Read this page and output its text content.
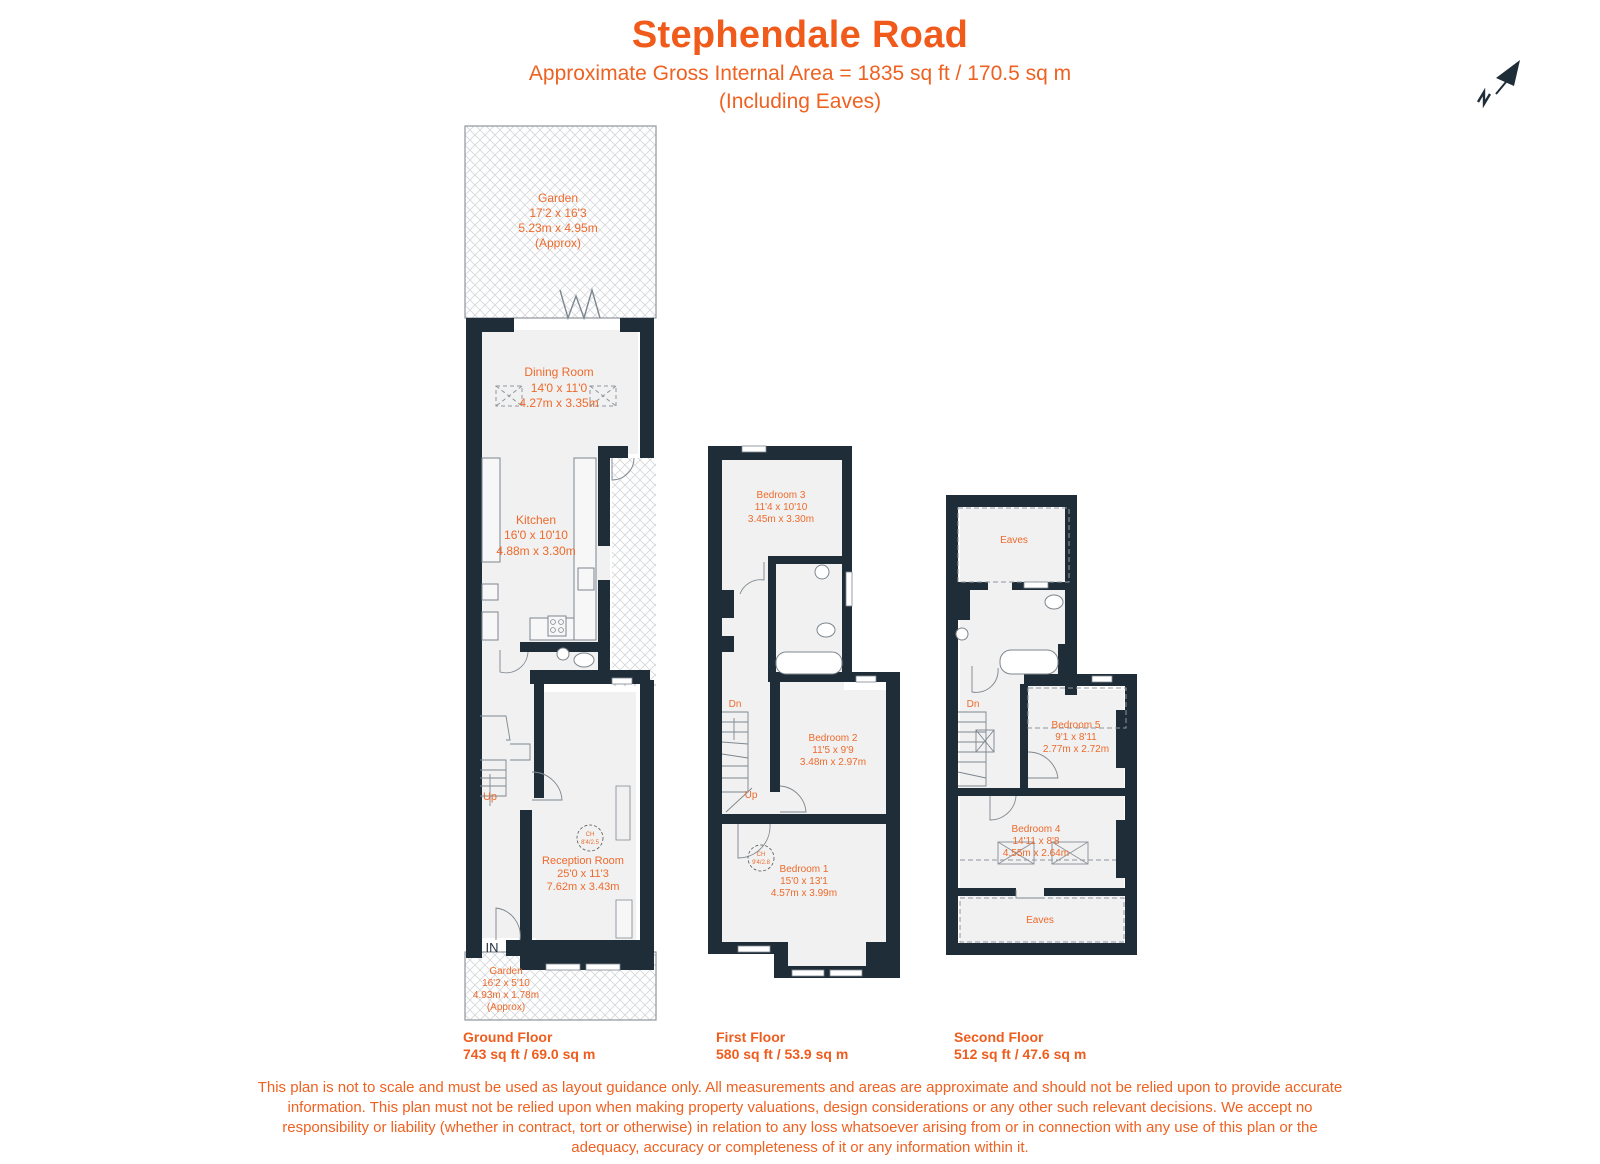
Stephendale Road
Approximate Gross Internal Area = 1835 sq ft / 170.5 sq m
(Including Eaves)
Garden
17'2 x 16'3
5.23m x 4.95m
(Approx)
Dining Room
14'0 x 11'0
4.27m x 3.35m
Kitchen
16'0 x 10'10
4.88m x 3.30m
CH
8'4/2.5
Reception Room
25'0 x 11'3
7.62m x 3.43m
Garden
16'2 x 5'10
4.93m x 1.78m
(Approx)
Up
IN
CH
9'4/2.8
Bedroom 3
11'4 x 10'10
3.45m x 3.30m
Bedroom 2
11'5 x 9'9
3.48m x 2.97m
Bedroom 1
15'0 x 13'1
4.57m x 3.99m
Dn
Up
Eaves
Bedroom 5
9'1 x 8'11
2.77m x 2.72m
Bedroom 4
14'11 x 8'8
4.55m x 2.64m
Eaves
Dn
Ground Floor
743 sq ft / 69.0 sq m
First Floor
580 sq ft / 53.9 sq m
Second Floor
512 sq ft / 47.6 sq m
This plan is not to scale and must be used as layout guidance only. All measurements and areas are approximate and should not be relied upon to provide accurate information. This plan must not be relied upon when making property valuations, design considerations or any other such relevant decisions. We accept no responsibility or liability (whether in contract, tort or otherwise) in relation to any loss whatsoever arising from or in connection with any use of this plan or the adequacy, accuracy or completeness of it or any information within it.
